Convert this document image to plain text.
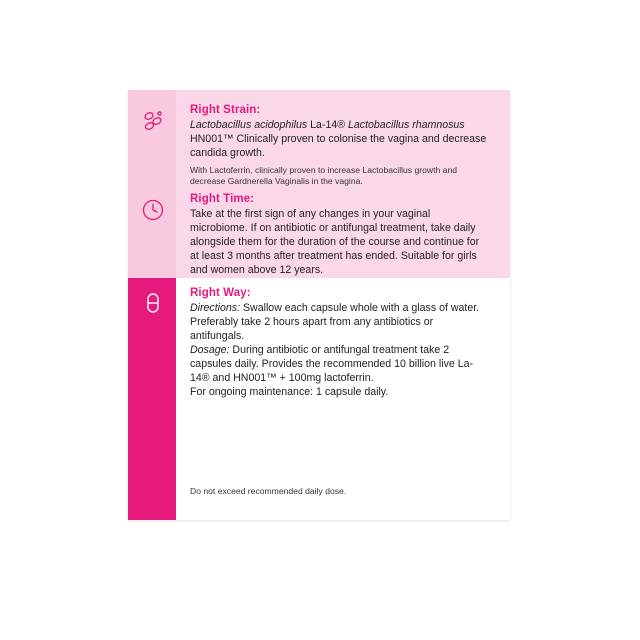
Right Strain:

Lactobacillus acidophilus La-14® Lactobacillus rhamnosus HN001™ Clinically proven to colonise the vagina and decrease candida growth.

With Lactoferrin, clinically proven to increase Lactobacillus growth and decrease Gardnerella Vaginalis in the vagina.

Right Time:

Take at the first sign of any changes in your vaginal microbiome. If on antibiotic or antifungal treatment, take daily alongside them for the duration of the course and continue for at least 3 months after treatment has ended. Suitable for girls and women above 12 years.

Right Way:

Directions: Swallow each capsule whole with a glass of water. Preferably take 2 hours apart from any antibiotics or antifungals.
Dosage: During antibiotic or antifungal treatment take 2 capsules daily. Provides the recommended 10 billion live La-14® and HN001™ + 100mg lactoferrin.
For ongoing maintenance: 1 capsule daily.

Do not exceed recommended daily dose.
